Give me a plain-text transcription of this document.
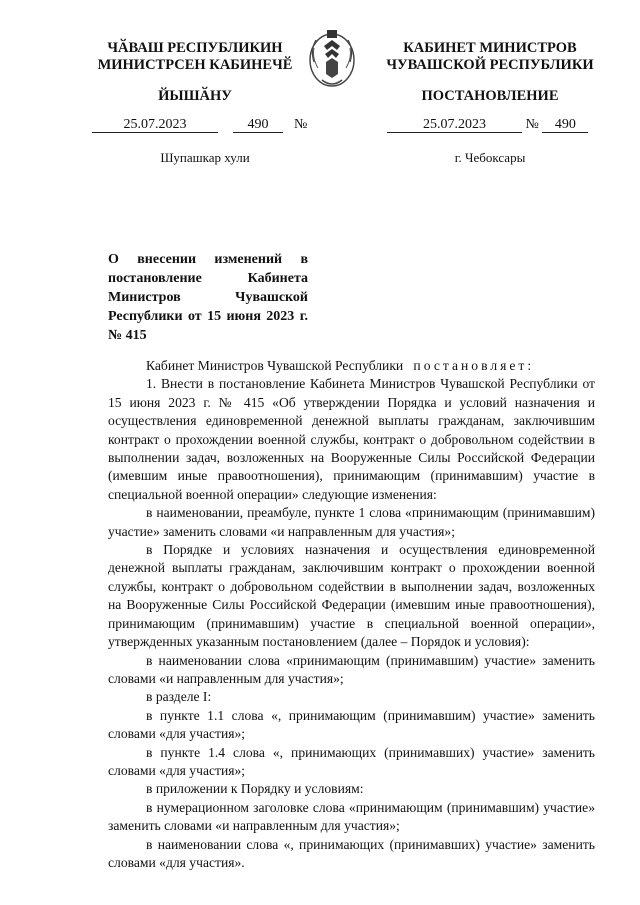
ЧӐВАШ РЕСПУБЛИКИН
МИНИСТРСЕН КАБИНЕЧӖ
КАБИНЕТ МИНИСТРОВ
ЧУВАШСКОЙ РЕСПУБЛИКИ
ЙЫШӐНУ	ПОСТАНОВЛЕНИЕ
25.07.2023	490 №	25.07.2023	№ 490
Шупашкар хули	г. Чебоксары
О внесении изменений в постановление Кабинета Министров Чувашской Республики от 15 июня 2023 г. № 415

Кабинет Министров Чувашской Республики постановляет:

1. Внести в постановление Кабинета Министров Чувашской Республики от 15 июня 2023 г. № 415 «Об утверждении Порядка и условий назначения и осуществления единовременной денежной выплаты гражданам, заключившим контракт о прохождении военной службы, контракт о добровольном содействии в выполнении задач, возложенных на Вооруженные Силы Российской Федерации (имевшим иные правоотношения), принимающим (принимавшим) участие в специальной военной операции» следующие изменения:

в наименовании, преамбуле, пункте 1 слова «принимающим (принимавшим) участие» заменить словами «и направленным для участия»;

в Порядке и условиях назначения и осуществления единовременной денежной выплаты гражданам, заключившим контракт о прохождении военной службы, контракт о добровольном содействии в выполнении задач, возложенных на Вооруженные Силы Российской Федерации (имевшим иные правоотношения), принимающим (принимавшим) участие в специальной военной операции», утвержденных указанным постановлением (далее – Порядок и условия):

в наименовании слова «принимающим (принимавшим) участие» заменить словами «и направленным для участия»;

в разделе I:

в пункте 1.1 слова «, принимающим (принимавшим) участие» заменить словами «для участия»;

в пункте 1.4 слова «, принимающих (принимавших) участие» заменить словами «для участия»;

в приложении к Порядку и условиям:

в нумерационном заголовке слова «принимающим (принимавшим) участие» заменить словами «и направленным для участия»;

в наименовании слова «, принимающих (принимавших) участие» заменить словами «для участия».
